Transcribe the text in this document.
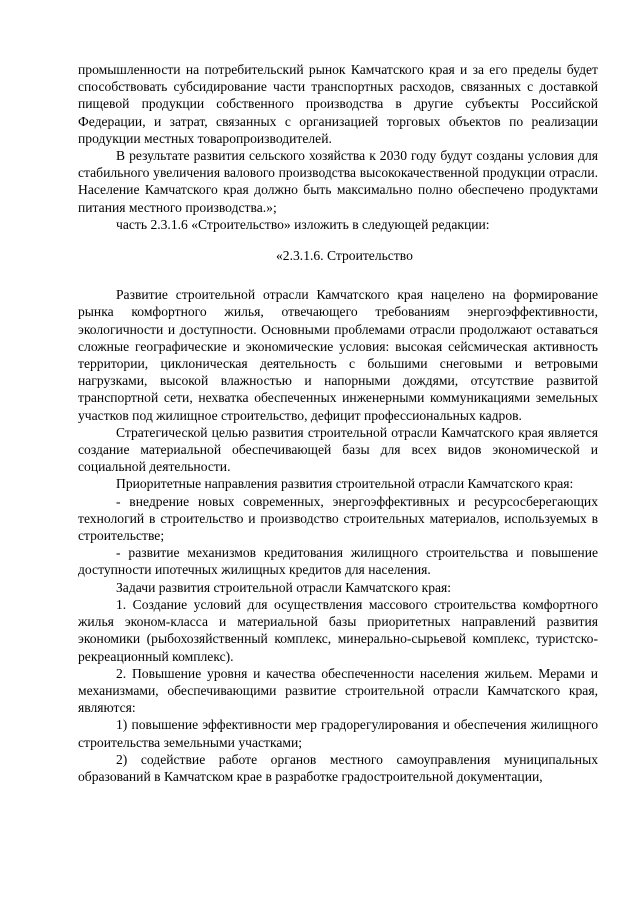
промышленности на потребительский рынок Камчатского края и за его пределы будет способствовать субсидирование части транспортных расходов, связанных с доставкой пищевой продукции собственного производства в другие субъекты Российской Федерации, и затрат, связанных с организацией торговых объектов по реализации продукции местных товаропроизводителей.

В результате развития сельского хозяйства к 2030 году будут созданы условия для стабильного увеличения валового производства высококачественной продукции отрасли. Население Камчатского края должно быть максимально полно обеспечено продуктами питания местного производства.»;

часть 2.3.1.6 «Строительство» изложить в следующей редакции:

«2.3.1.6. Строительство

Развитие строительной отрасли Камчатского края нацелено на формирование рынка комфортного жилья, отвечающего требованиям энергоэффективности, экологичности и доступности. Основными проблемами отрасли продолжают оставаться сложные географические и экономические условия: высокая сейсмическая активность территории, циклоническая деятельность с большими снеговыми и ветровыми нагрузками, высокой влажностью и напорными дождями, отсутствие развитой транспортной сети, нехватка обеспеченных инженерными коммуникациями земельных участков под жилищное строительство, дефицит профессиональных кадров.

Стратегической целью развития строительной отрасли Камчатского края является создание материальной обеспечивающей базы для всех видов экономической и социальной деятельности.

Приоритетные направления развития строительной отрасли Камчатского края:

- внедрение новых современных, энергоэффективных и ресурсосберегающих технологий в строительство и производство строительных материалов, используемых в строительстве;

- развитие механизмов кредитования жилищного строительства и повышение доступности ипотечных жилищных кредитов для населения.

Задачи развития строительной отрасли Камчатского края:

1. Создание условий для осуществления массового строительства комфортного жилья эконом-класса и материальной базы приоритетных направлений развития экономики (рыбохозяйственный комплекс, минерально-сырьевой комплекс, туристско-рекреационный комплекс).

2. Повышение уровня и качества обеспеченности населения жильем. Мерами и механизмами, обеспечивающими развитие строительной отрасли Камчатского края, являются:

1) повышение эффективности мер градорегулирования и обеспечения жилищного строительства земельными участками;

2) содействие работе органов местного самоуправления муниципальных образований в Камчатском крае в разработке градостроительной документации,
